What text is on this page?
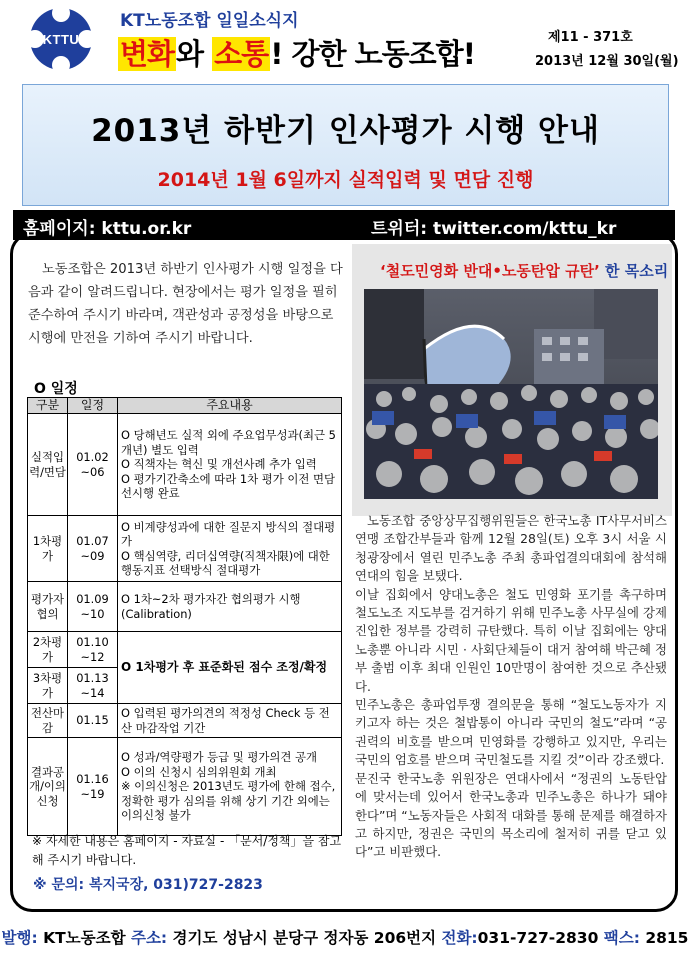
KTTU
KT노동조합 일일소식지
변화와 소통! 강한 노동조합!	제11 - 371호
2013년 12월 30일(월)
2013년 하반기 인사평가 시행 안내
2014년 1월 6일까지 실적입력 및 면담 진행
홈페이지: kttu.or.kr	트위터: twitter.com/kttu_kr
노동조합은 2013년 하반기 인사평가 시행 일정을 다음과 같이 알려드립니다. 현장에서는 평가 일정을 필히 준수하여 주시기 바라며, 객관성과 공정성을 바탕으로 시행에 만전을 기하여 주시기 바랍니다.
O 일정
구분	일정	주요내용
실적입력/면담	01.02 ~06	O 당해년도 실적 외에 주요업무성과(최근 5개년) 별도 입력
O 직책자는 혁신 및 개선사례 추가 입력
O 평가기간축소에 따라 1차 평가 이전 면담 선시행 완료
1차평가	01.07 ~09	O 비계량성과에 대한 질문지 방식의 절대평가
O 핵심역량, 리더십역량(직책자限)에 대한 행동지표 선택방식 절대평가
평가자협의	01.09 ~10	O 1차~2차 평가자간 협의평가 시행(Calibration)
2차평가	01.10 ~12	O 1차평가 후 표준화된 점수 조정/확정
3차평가	01.13 ~14	
전산마감	01.15	O 입력된 평가의견의 적정성 Check 등 전산 마감작업 기간
결과공개/이의신청	01.16 ~19	O 성과/역량평가 등급 및 평가의견 공개
O 이의 신청시 심의위원회 개최
※ 이의신청은 2013년도 평가에 한해 접수, 정확한 평가 심의를 위해 상기 기간 외에는 이의신청 불가
※ 자세한 내용은 홈페이지 - 자료실 - 「문서/정책」을 참고해 주시기 바랍니다.
※ 문의: 복지국장, 031)727-2823
‘철도민영화 반대•노동탄압 규탄’ 한 목소리

노동조합 중앙상무집행위원들은 한국노총 IT사무서비스연맹 조합간부들과 함께 12월 28일(토) 오후 3시 서울 시청광장에서 열린 민주노총 주최 총파업결의대회에 참석해 연대의 힘을 보탰다.

이날 집회에서 양대노총은 철도 민영화 포기를 촉구하며 철도노조 지도부를 검거하기 위해 민주노총 사무실에 강제 진입한 정부를 강력히 규탄했다. 특히 이날 집회에는 양대노총뿐 아니라 시민 · 사회단체들이 대거 참여해 박근혜 정부 출범 이후 최대 인원인 10만명이 참여한 것으로 추산됐다.

민주노총은 총파업투쟁 결의문을 통해 “철도노동자가 지키고자 하는 것은 철밥통이 아니라 국민의 철도”라며 “공권력의 비호를 받으며 민영화를 강행하고 있지만, 우리는 국민의 엄호를 받으며 국민철도를 지킬 것”이라 강조했다.

문진국 한국노총 위원장은 연대사에서 “정권의 노동탄압에 맞서는데 있어서 한국노총과 민주노총은 하나가 돼야 한다”며 “노동자들은 사회적 대화를 통해 문제를 해결하자고 하지만, 정권은 국민의 목소리에 철저히 귀를 닫고 있다”고 비판했다.

발행: KT노동조합 주소: 경기도 성남시 분당구 정자동 206번지 전화:031-727-2830 팩스: 2815
